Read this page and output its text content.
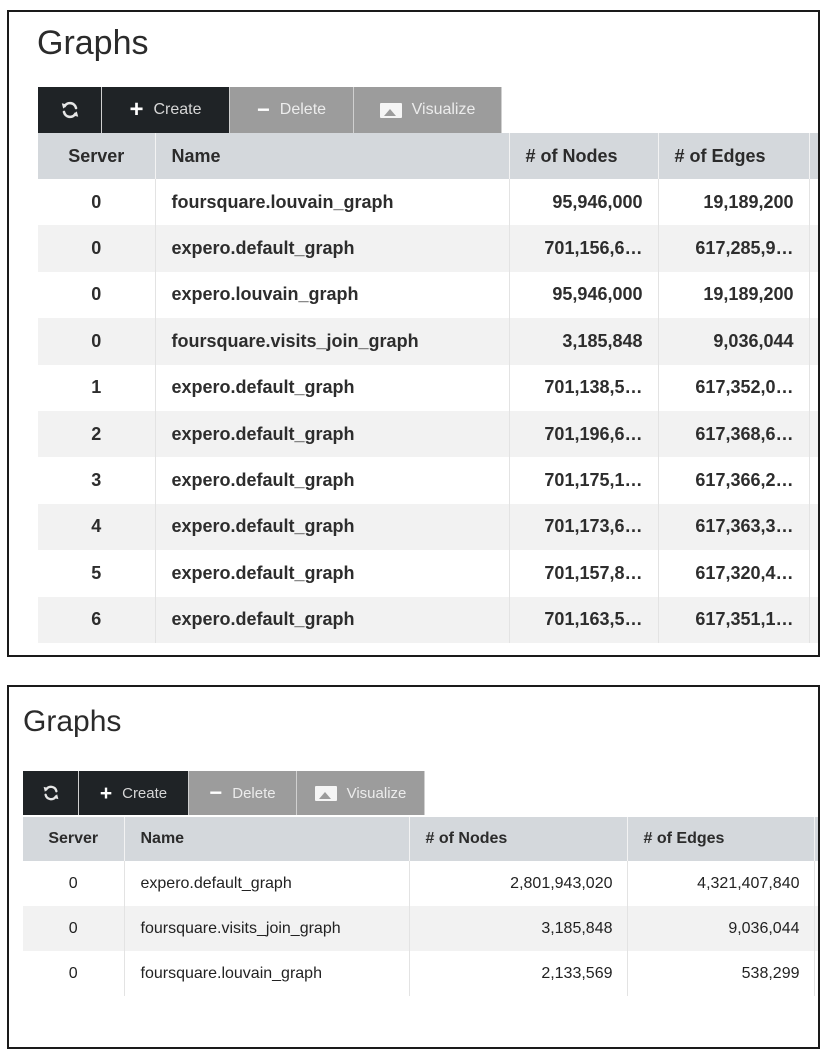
Graphs
+ Create	− Delete	Visualize
Server	Name	# of Nodes	# of Edges	
0	foursquare.louvain_graph	95,946,000	19,189,200	
0	expero.default_graph	701,156,6…	617,285,9…	
0	expero.louvain_graph	95,946,000	19,189,200	
0	foursquare.visits_join_graph	3,185,848	9,036,044	
1	expero.default_graph	701,138,5…	617,352,0…	
2	expero.default_graph	701,196,6…	617,368,6…	
3	expero.default_graph	701,175,1…	617,366,2…	
4	expero.default_graph	701,173,6…	617,363,3…	
5	expero.default_graph	701,157,8…	617,320,4…	
6	expero.default_graph	701,163,5…	617,351,1…	
Graphs
+ Create − Delete	Visualize
Server	Name	# of Nodes	# of Edges	
0	expero.default_graph	2,801,943,020	4,321,407,840	
0	foursquare.visits_join_graph	3,185,848	9,036,044	
0	foursquare.louvain_graph	2,133,569	538,299	
